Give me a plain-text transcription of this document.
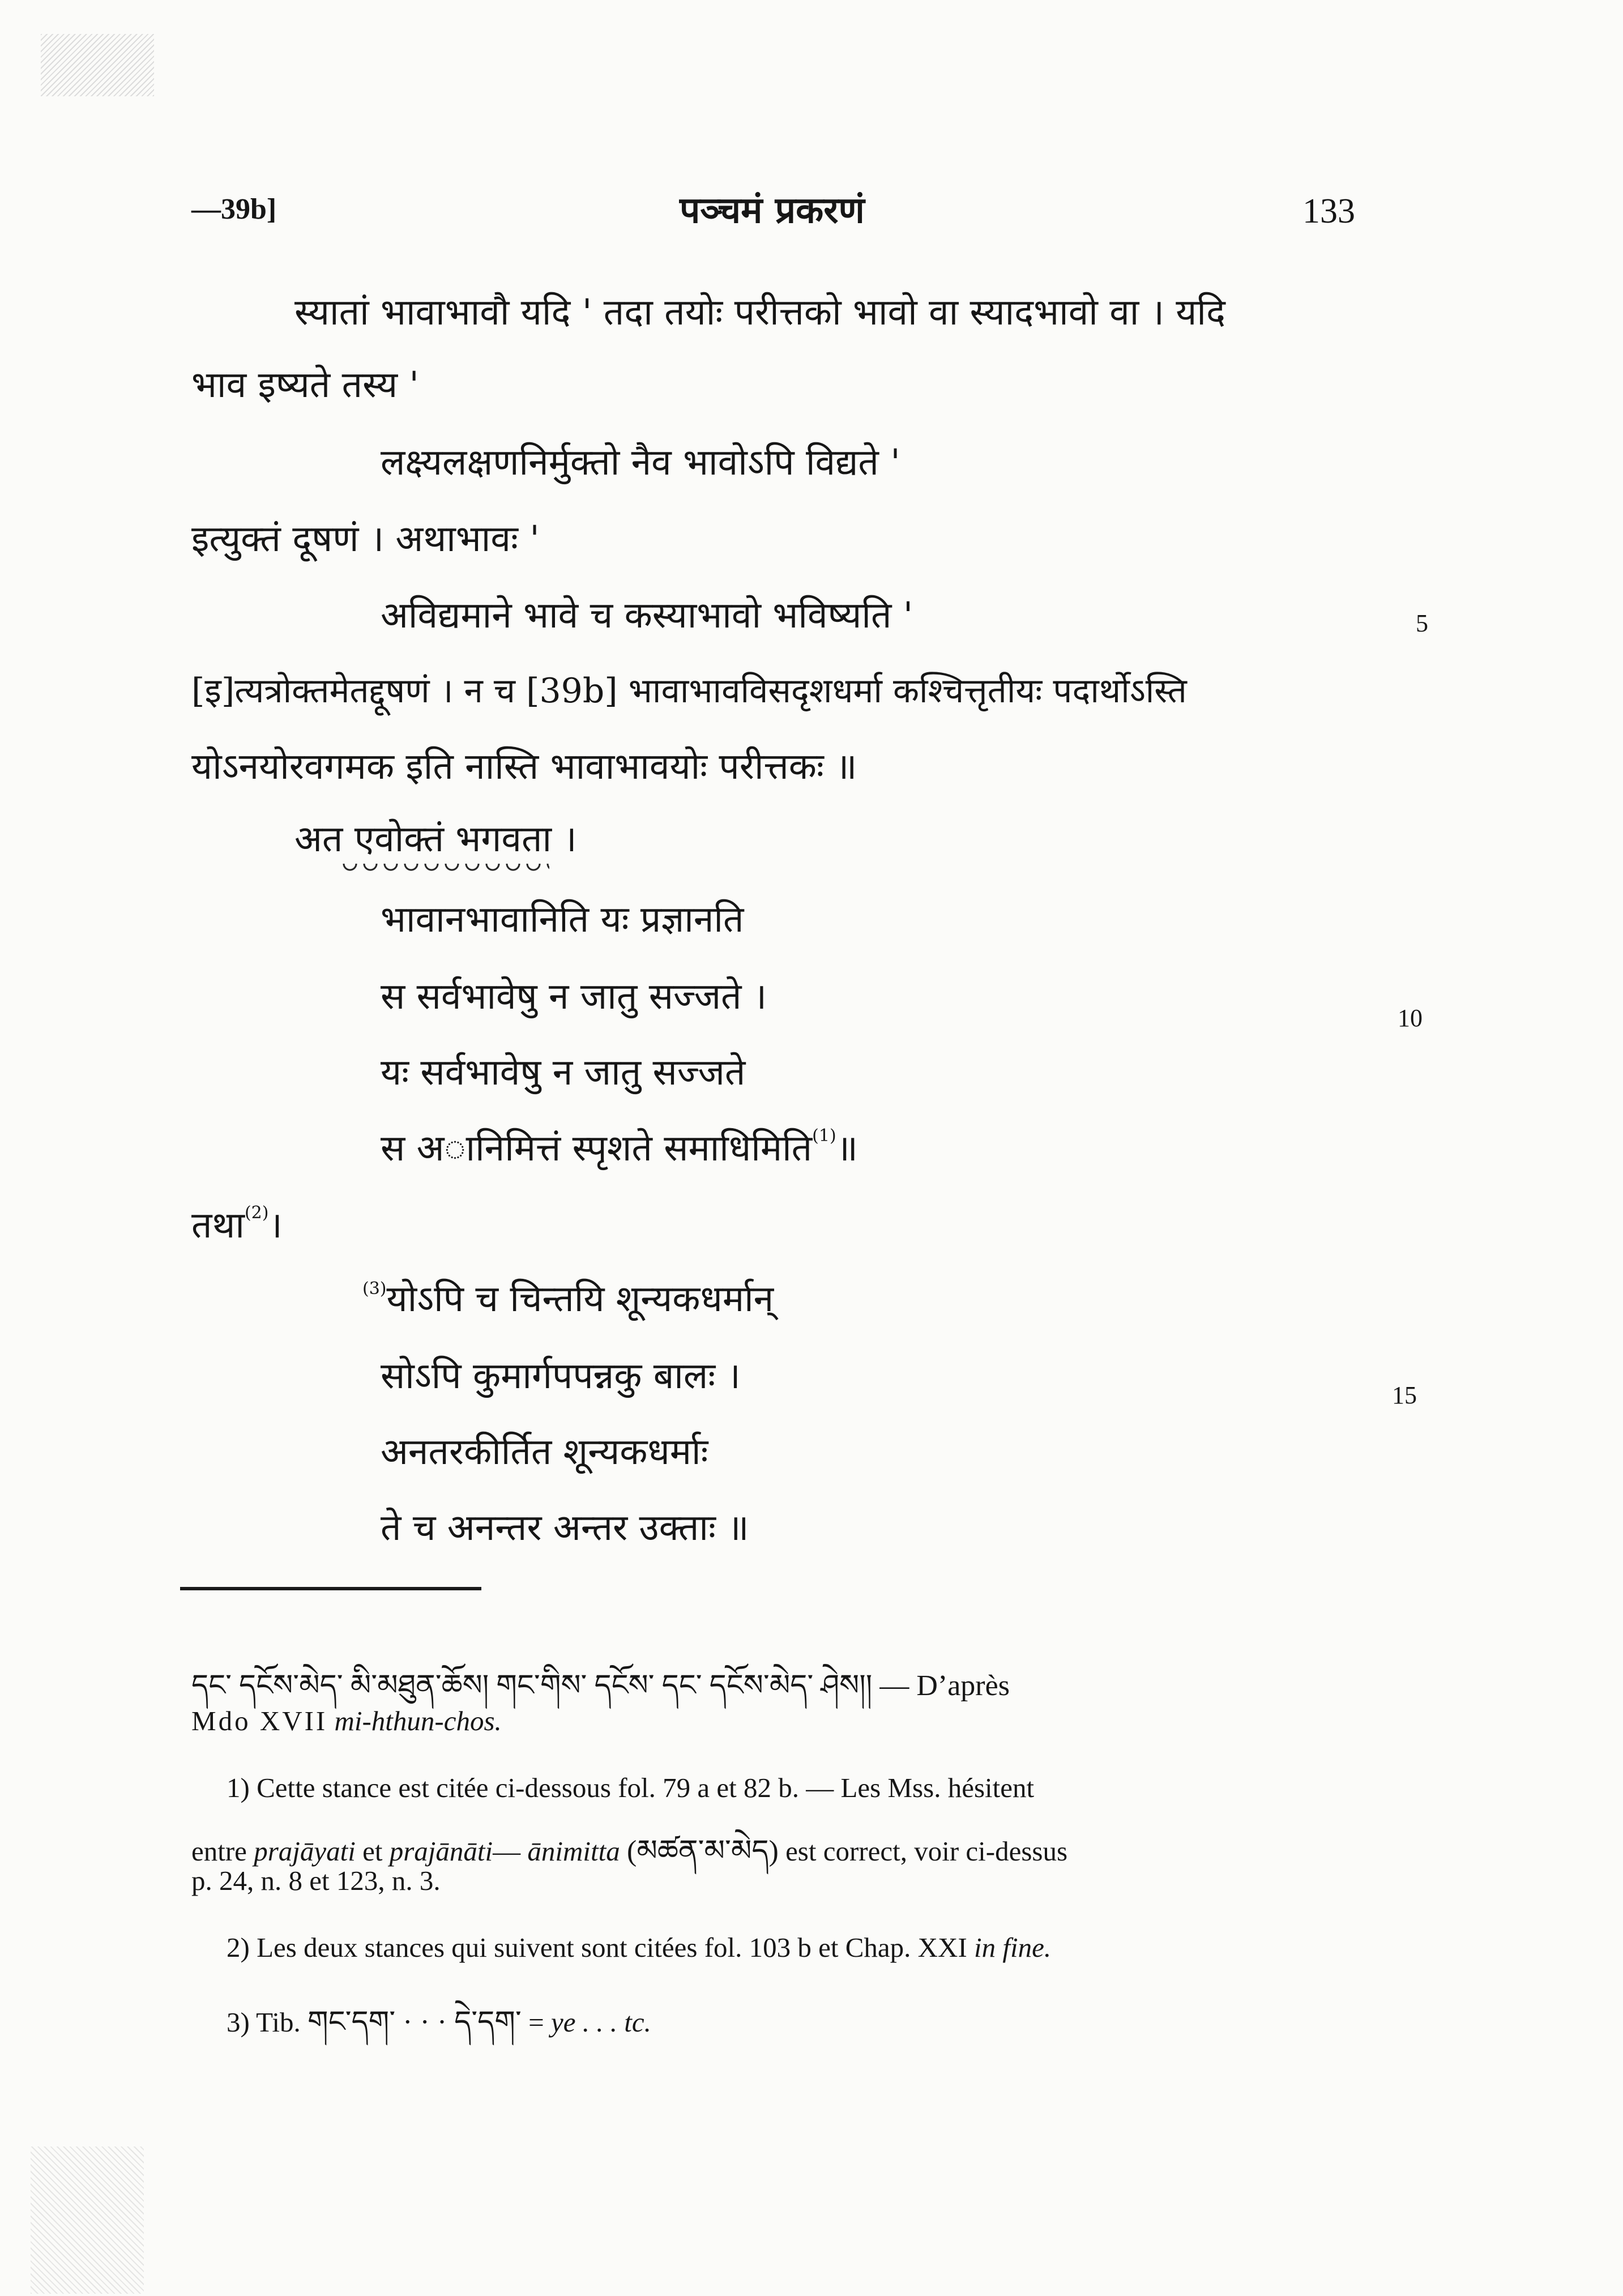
—39b]	पञ्चमं प्रकरणं	133
स्यातां भावाभावौ यदि ' तदा तयोः परीत्तको भावो वा स्यादभावो वा । यदि
भाव इष्यते तस्य '
लक्ष्यलक्षणनिर्मुक्तो नैव भावोऽपि विद्यते '
इत्युक्तं दूषणं । अथाभावः '
अविद्यमाने भावे च कस्याभावो भविष्यति '	5
[इ]त्यत्रोक्तमेतद्दूषणं । न च [39b] भावाभावविसदृशधर्मा कश्चित्तृतीयः पदार्थोऽस्ति
योऽनयोरवगमक इति नास्ति भावाभावयोः परीत्तकः ॥
अत एवोक्तं भगवता ।
भावानभावानिति यः प्रज्ञानति
स सर्वभावेषु न जातु सज्जते ।
10
यः सर्वभावेषु न जातु सज्जते
स अानिमित्तं स्पृशते समाधिमिति$^{(1)}$॥
तथा$^{(2)}$।
$^{(3)}$योऽपि च चिन्तयि शून्यकधर्मान्
सोऽपि कुमार्गपपन्नकु बालः ।	15
अनतरकीर्तित शून्यकधर्माः
ते च अनन्तर अन्तर उक्ताः ॥
དང་ དངོས་མེད་ མི་མཐུན་ཆོས། གང་གིས་ དངོས་ དང་ དངོས་མེད་ ཤེས།། — D’après
Mdo XVII mi-hthun-chos.
1) Cette stance est citée ci-dessous fol. 79 a et 82 b. — Les Mss. hésitent
entre prajāyati et prajānāti— ānimitta (མཚན་མ་མེད) est correct, voir ci-dessus
p. 24, n. 8 et 123, n. 3.
2) Les deux stances qui suivent sont citées fol. 103 b et Chap. XXI in fine.
3) Tib. གང་དག་ · · · དེ་དག་ = ye . . . tc.
